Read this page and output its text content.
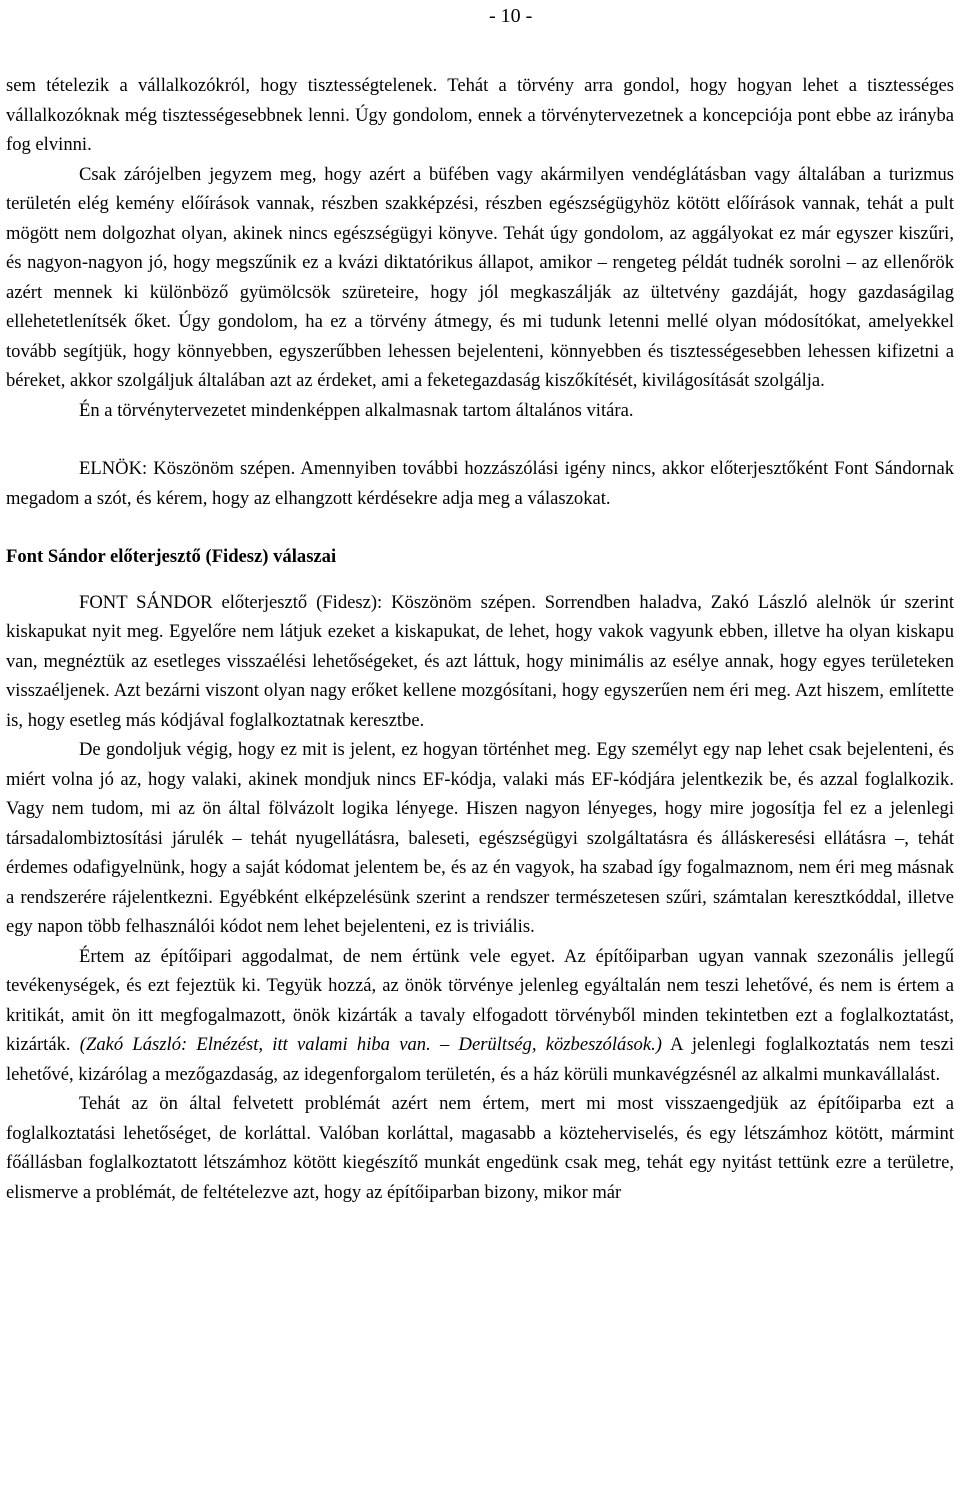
- 10 -

sem tételezik a vállalkozókról, hogy tisztességtelenek. Tehát a törvény arra gondol, hogy hogyan lehet a tisztességes vállalkozóknak még tisztességesebbnek lenni. Úgy gondolom, ennek a törvénytervezetnek a koncepciója pont ebbe az irányba fog elvinni.

Csak zárójelben jegyzem meg, hogy azért a büfében vagy akármilyen vendéglátásban vagy általában a turizmus területén elég kemény előírások vannak, részben szakképzési, részben egészségügyhöz kötött előírások vannak, tehát a pult mögött nem dolgozhat olyan, akinek nincs egészségügyi könyve. Tehát úgy gondolom, az aggályokat ez már egyszer kiszűri, és nagyon-nagyon jó, hogy megszűnik ez a kvázi diktatórikus állapot, amikor – rengeteg példát tudnék sorolni – az ellenőrök azért mennek ki különböző gyümölcsök szüreteire, hogy jól megkaszálják az ültetvény gazdáját, hogy gazdaságilag ellehetetlenítsék őket. Úgy gondolom, ha ez a törvény átmegy, és mi tudunk letenni mellé olyan módosítókat, amelyekkel tovább segítjük, hogy könnyebben, egyszerűbben lehessen bejelenteni, könnyebben és tisztességesebben lehessen kifizetni a béreket, akkor szolgáljuk általában azt az érdeket, ami a feketegazdaság kiszőkítését, kivilágosítását szolgálja.

Én a törvénytervezetet mindenképpen alkalmasnak tartom általános vitára.

ELNÖK: Köszönöm szépen. Amennyiben további hozzászólási igény nincs, akkor előterjesztőként Font Sándornak megadom a szót, és kérem, hogy az elhangzott kérdésekre adja meg a válaszokat.

Font Sándor előterjesztő (Fidesz) válaszai

FONT SÁNDOR előterjesztő (Fidesz): Köszönöm szépen. Sorrendben haladva, Zakó László alelnök úr szerint kiskapukat nyit meg. Egyelőre nem látjuk ezeket a kiskapukat, de lehet, hogy vakok vagyunk ebben, illetve ha olyan kiskapu van, megnéztük az esetleges visszaélési lehetőségeket, és azt láttuk, hogy minimális az esélye annak, hogy egyes területeken visszaéljenek. Azt bezárni viszont olyan nagy erőket kellene mozgósítani, hogy egyszerűen nem éri meg. Azt hiszem, említette is, hogy esetleg más kódjával foglalkoztatnak keresztbe.

De gondoljuk végig, hogy ez mit is jelent, ez hogyan történhet meg. Egy személyt egy nap lehet csak bejelenteni, és miért volna jó az, hogy valaki, akinek mondjuk nincs EF-kódja, valaki más EF-kódjára jelentkezik be, és azzal foglalkozik. Vagy nem tudom, mi az ön által fölvázolt logika lényege. Hiszen nagyon lényeges, hogy mire jogosítja fel ez a jelenlegi társadalombiztosítási járulék – tehát nyugellátásra, baleseti, egészségügyi szolgáltatásra és álláskeresési ellátásra –, tehát érdemes odafigyelnünk, hogy a saját kódomat jelentem be, és az én vagyok, ha szabad így fogalmaznom, nem éri meg másnak a rendszerére rájelentkezni. Egyébként elképzelésünk szerint a rendszer természetesen szűri, számtalan keresztkóddal, illetve egy napon több felhasználói kódot nem lehet bejelenteni, ez is triviális.

Értem az építőipari aggodalmat, de nem értünk vele egyet. Az építőiparban ugyan vannak szezonális jellegű tevékenységek, és ezt fejeztük ki. Tegyük hozzá, az önök törvénye jelenleg egyáltalán nem teszi lehetővé, és nem is értem a kritikát, amit ön itt megfogalmazott, önök kizárták a tavaly elfogadott törvényből minden tekintetben ezt a foglalkoztatást, kizárták. (Zakó László: Elnézést, itt valami hiba van. – Derültség, közbeszólások.) A jelenlegi foglalkoztatás nem teszi lehetővé, kizárólag a mezőgazdaság, az idegenforgalom területén, és a ház körüli munkavégzésnél az alkalmi munkavállalást.

Tehát az ön által felvetett problémát azért nem értem, mert mi most visszaengedjük az építőiparba ezt a foglalkoztatási lehetőséget, de korláttal. Valóban korláttal, magasabb a közteherviselés, és egy létszámhoz kötött, mármint főállásban foglalkoztatott létszámhoz kötött kiegészítő munkát engedünk csak meg, tehát egy nyitást tettünk ezre a területre, elismerve a problémát, de feltételezve azt, hogy az építőiparban bizony, mikor már
